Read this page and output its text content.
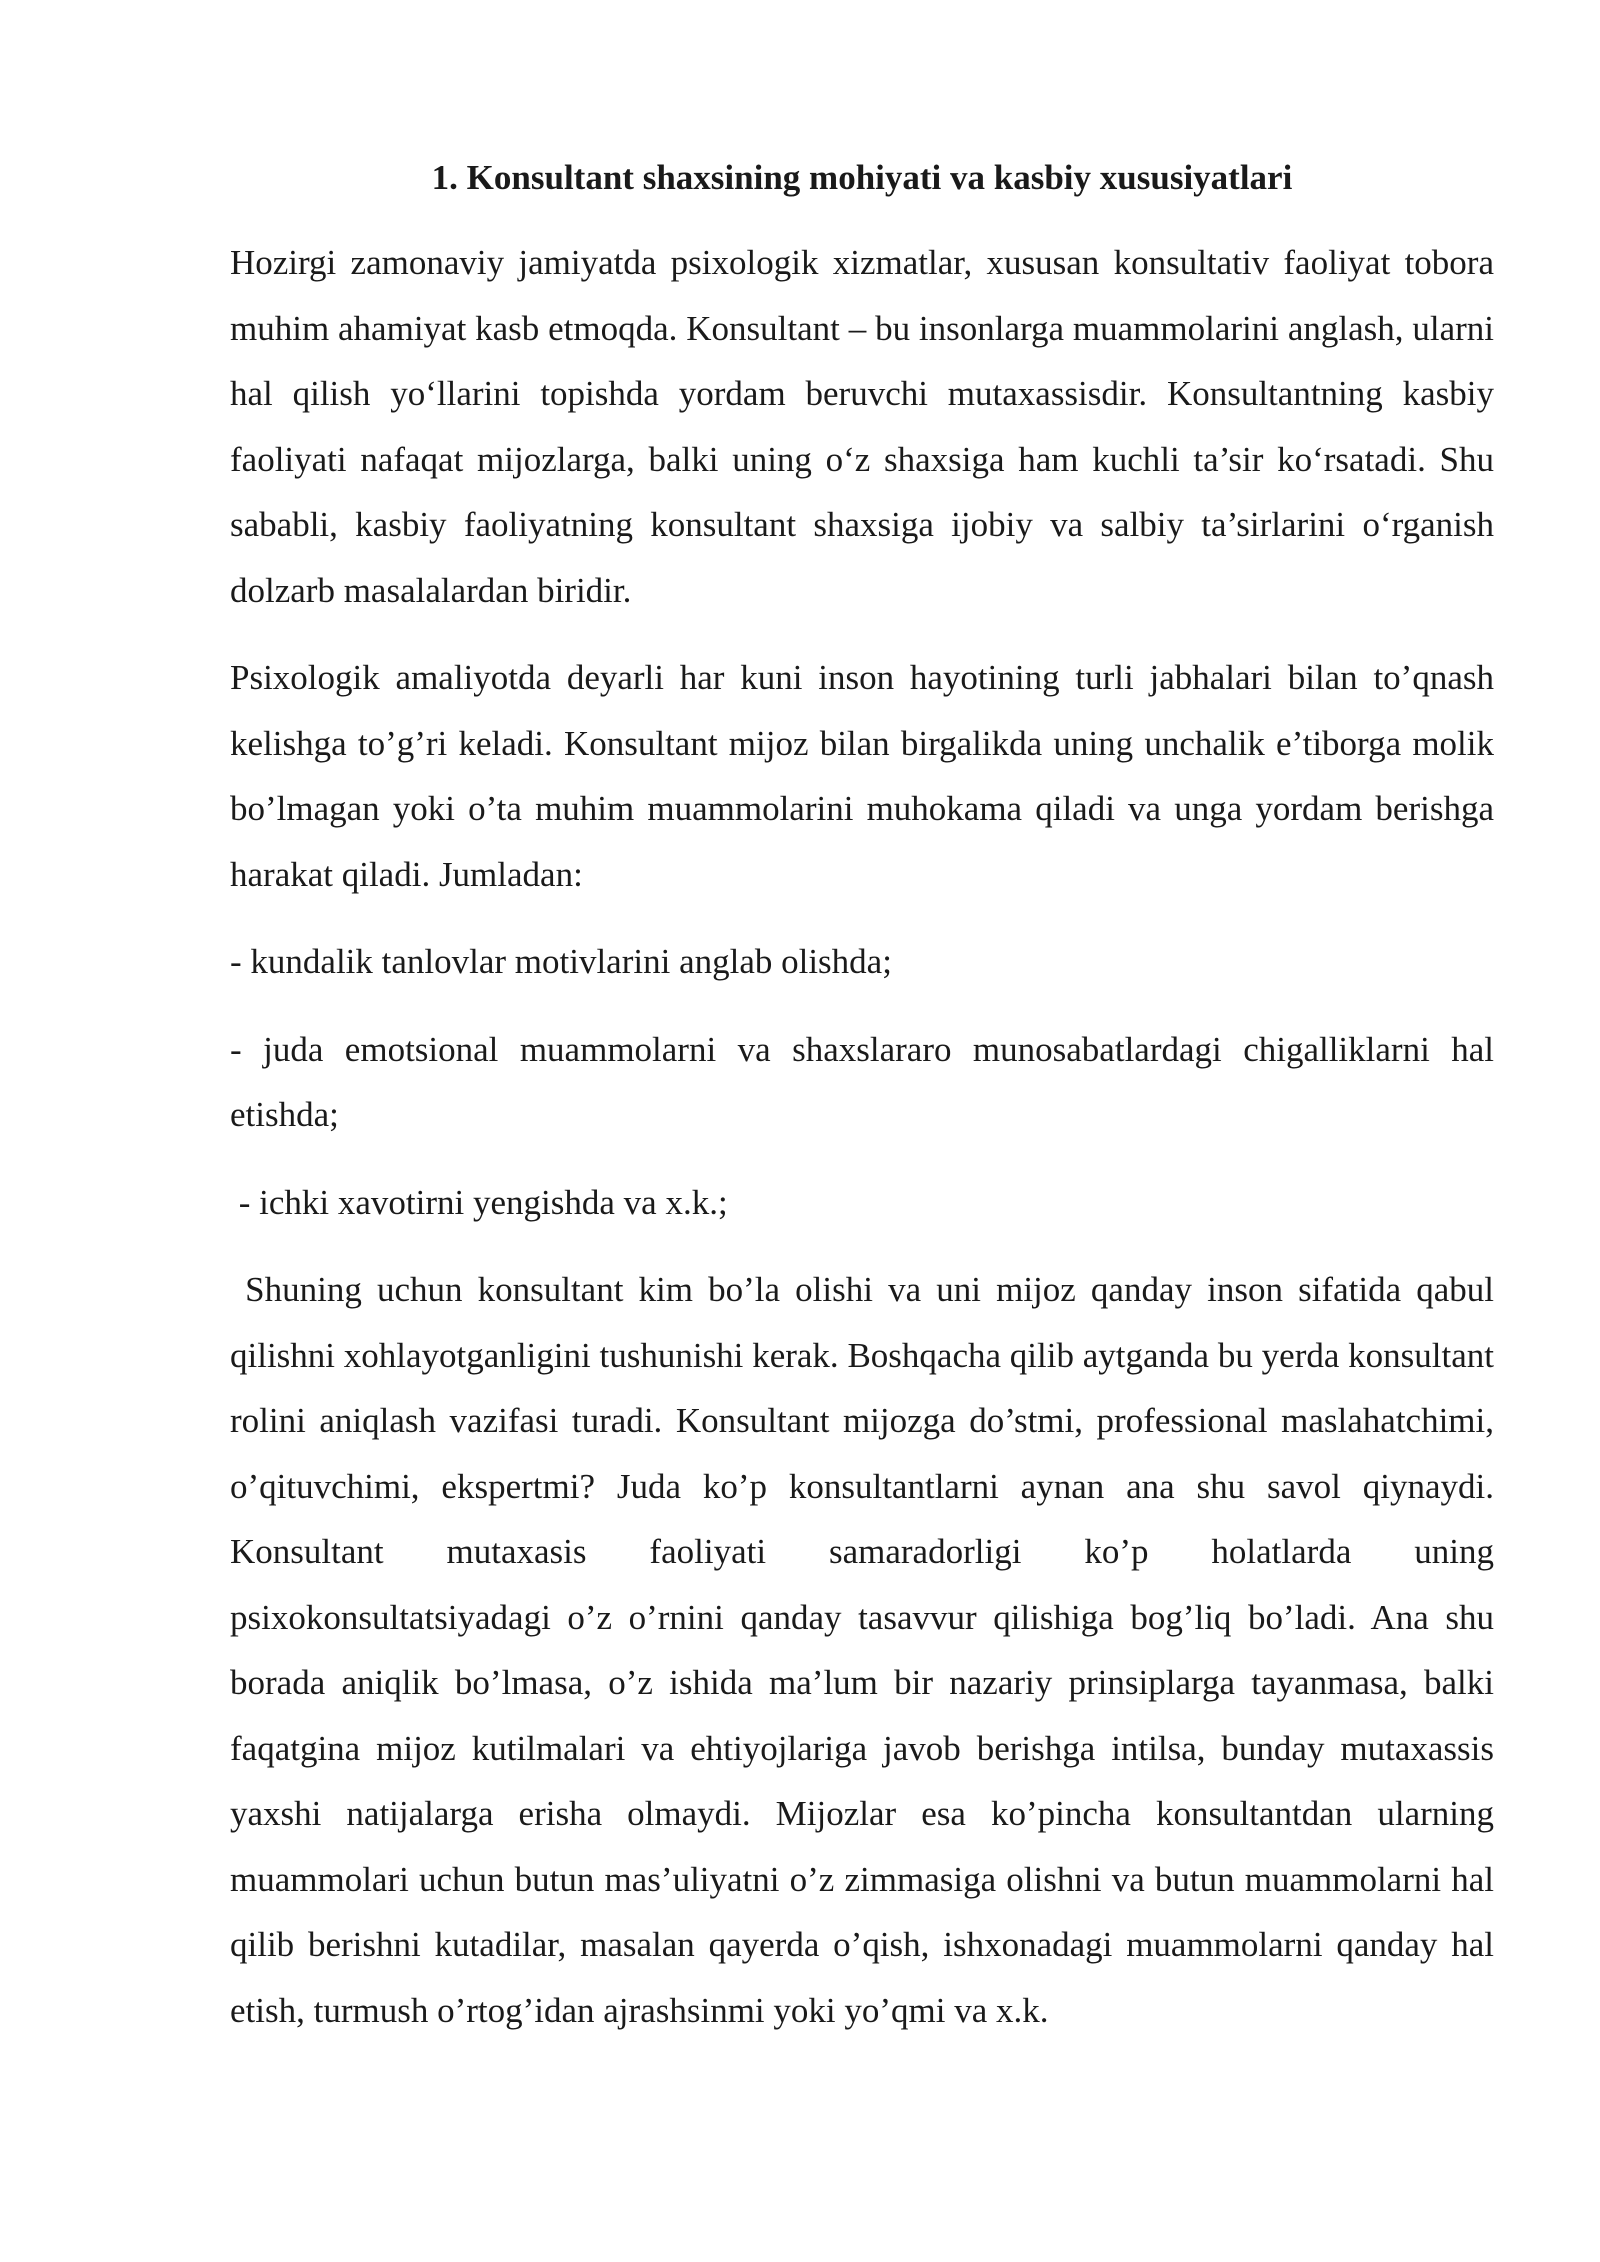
1. Konsultant shaxsining mohiyati va kasbiy xususiyatlari

Hozirgi zamonaviy jamiyatda psixologik xizmatlar, xususan konsultativ faoliyat tobora muhim ahamiyat kasb etmoqda. Konsultant – bu insonlarga muammolarini anglash, ularni hal qilish yo‘llarini topishda yordam beruvchi mutaxassisdir. Konsultantning kasbiy faoliyati nafaqat mijozlarga, balki uning o‘z shaxsiga ham kuchli ta’sir ko‘rsatadi. Shu sababli, kasbiy faoliyatning konsultant shaxsiga ijobiy va salbiy ta’sirlarini o‘rganish dolzarb masalalardan biridir.

Psixologik amaliyotda deyarli har kuni inson hayotining turli jabhalari bilan to’qnash kelishga to’g’ri keladi. Konsultant mijoz bilan birgalikda uning unchalik e’tiborga molik bo’lmagan yoki o’ta muhim muammolarini muhokama qiladi va unga yordam berishga harakat qiladi. Jumladan:

- kundalik tanlovlar motivlarini anglab olishda;

- juda emotsional muammolarni va shaxslararo munosabatlardagi chigalliklarni hal etishda;

- ichki xavotirni yengishda va x.k.;

Shuning uchun konsultant kim bo’la olishi va uni mijoz qanday inson sifatida qabul qilishni xohlayotganligini tushunishi kerak. Boshqacha qilib aytganda bu yerda konsultant rolini aniqlash vazifasi turadi. Konsultant mijozga do’stmi, professional maslahatchimi, o’qituvchimi, ekspertmi? Juda ko’p konsultantlarni aynan ana shu savol qiynaydi. Konsultant mutaxasis faoliyati samaradorligi ko’p holatlarda uning psixokonsultatsiyadagi o’z o’rnini qanday tasavvur qilishiga bog’liq bo’ladi. Ana shu borada aniqlik bo’lmasa, o’z ishida ma’lum bir nazariy prinsiplarga tayanmasa, balki faqatgina mijoz kutilmalari va ehtiyojlariga javob berishga intilsa, bunday mutaxassis yaxshi natijalarga erisha olmaydi. Mijozlar esa ko’pincha konsultantdan ularning muammolari uchun butun mas’uliyatni o’z zimmasiga olishni va butun muammolarni hal qilib berishni kutadilar, masalan qayerda o’qish, ishxonadagi muammolarni qanday hal etish, turmush o’rtog’idan ajrashsinmi yoki yo’qmi va x.k.
